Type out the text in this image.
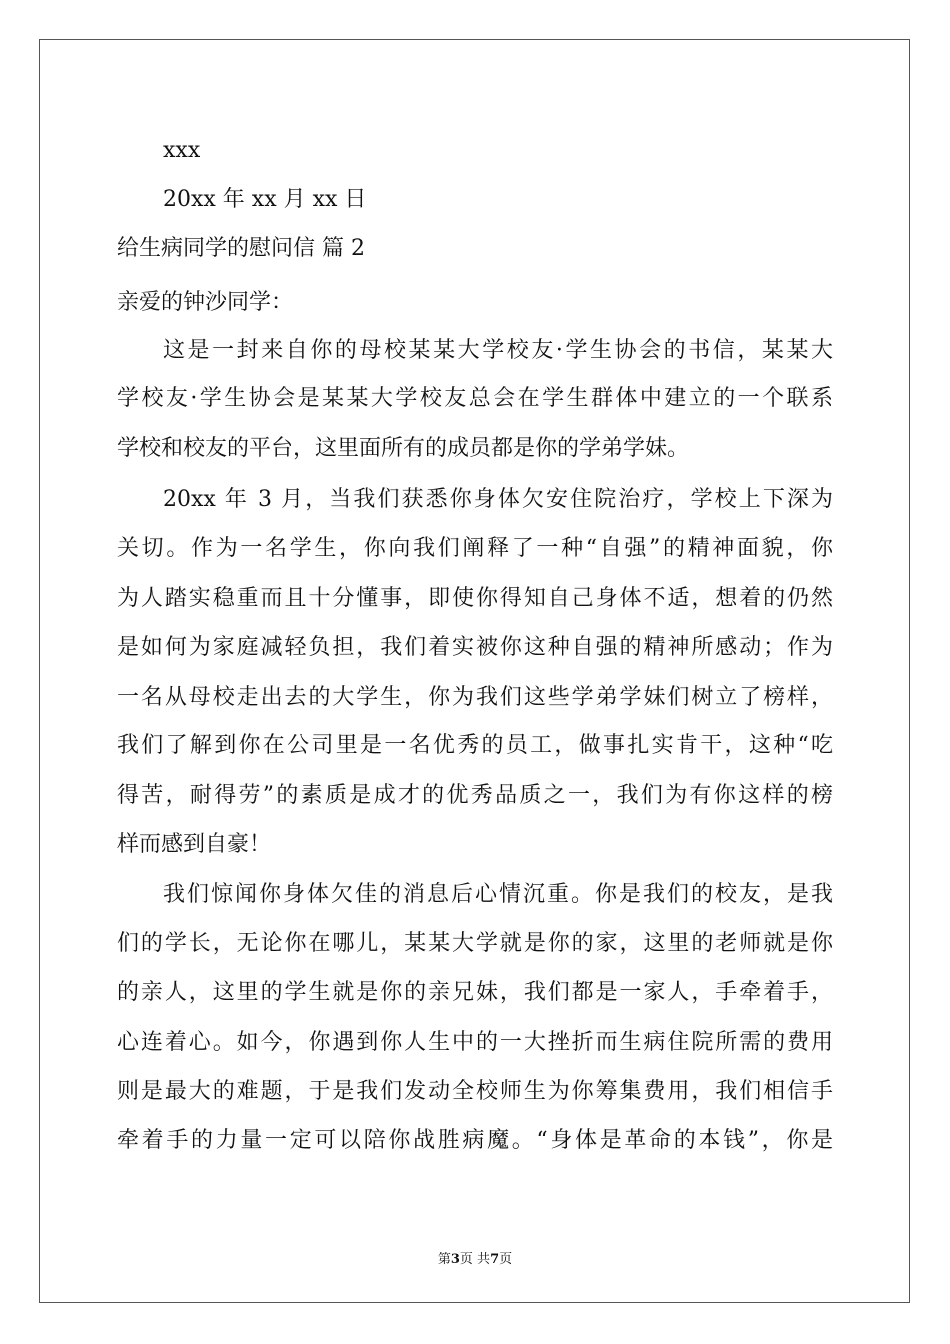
xxx
20xx 年 xx 月 xx 日
给生病同学的慰问信 篇 2
亲爱的钟沙同学：
这是一封来自你的母校某某大学校友·学生协会的书信，某某大
学校友·学生协会是某某大学校友总会在学生群体中建立的一个联系
学校和校友的平台，这里面所有的成员都是你的学弟学妹。
20xx 年 3 月，当我们获悉你身体欠安住院治疗，学校上下深为
关切。作为一名学生，你向我们阐释了一种“自强”的精神面貌，你
为人踏实稳重而且十分懂事，即使你得知自己身体不适，想着的仍然
是如何为家庭减轻负担，我们着实被你这种自强的精神所感动；作为
一名从母校走出去的大学生，你为我们这些学弟学妹们树立了榜样，
我们了解到你在公司里是一名优秀的员工，做事扎实肯干，这种“吃
得苦，耐得劳”的素质是成才的优秀品质之一，我们为有你这样的榜
样而感到自豪！
我们惊闻你身体欠佳的消息后心情沉重。你是我们的校友，是我
们的学长，无论你在哪儿，某某大学就是你的家，这里的老师就是你
的亲人，这里的学生就是你的亲兄妹，我们都是一家人，手牵着手，
心连着心。如今，你遇到你人生中的一大挫折而生病住院所需的费用
则是最大的难题，于是我们发动全校师生为你筹集费用，我们相信手
牵着手的力量一定可以陪你战胜病魔。“身体是革命的本钱”，你是
第3页 共7页
